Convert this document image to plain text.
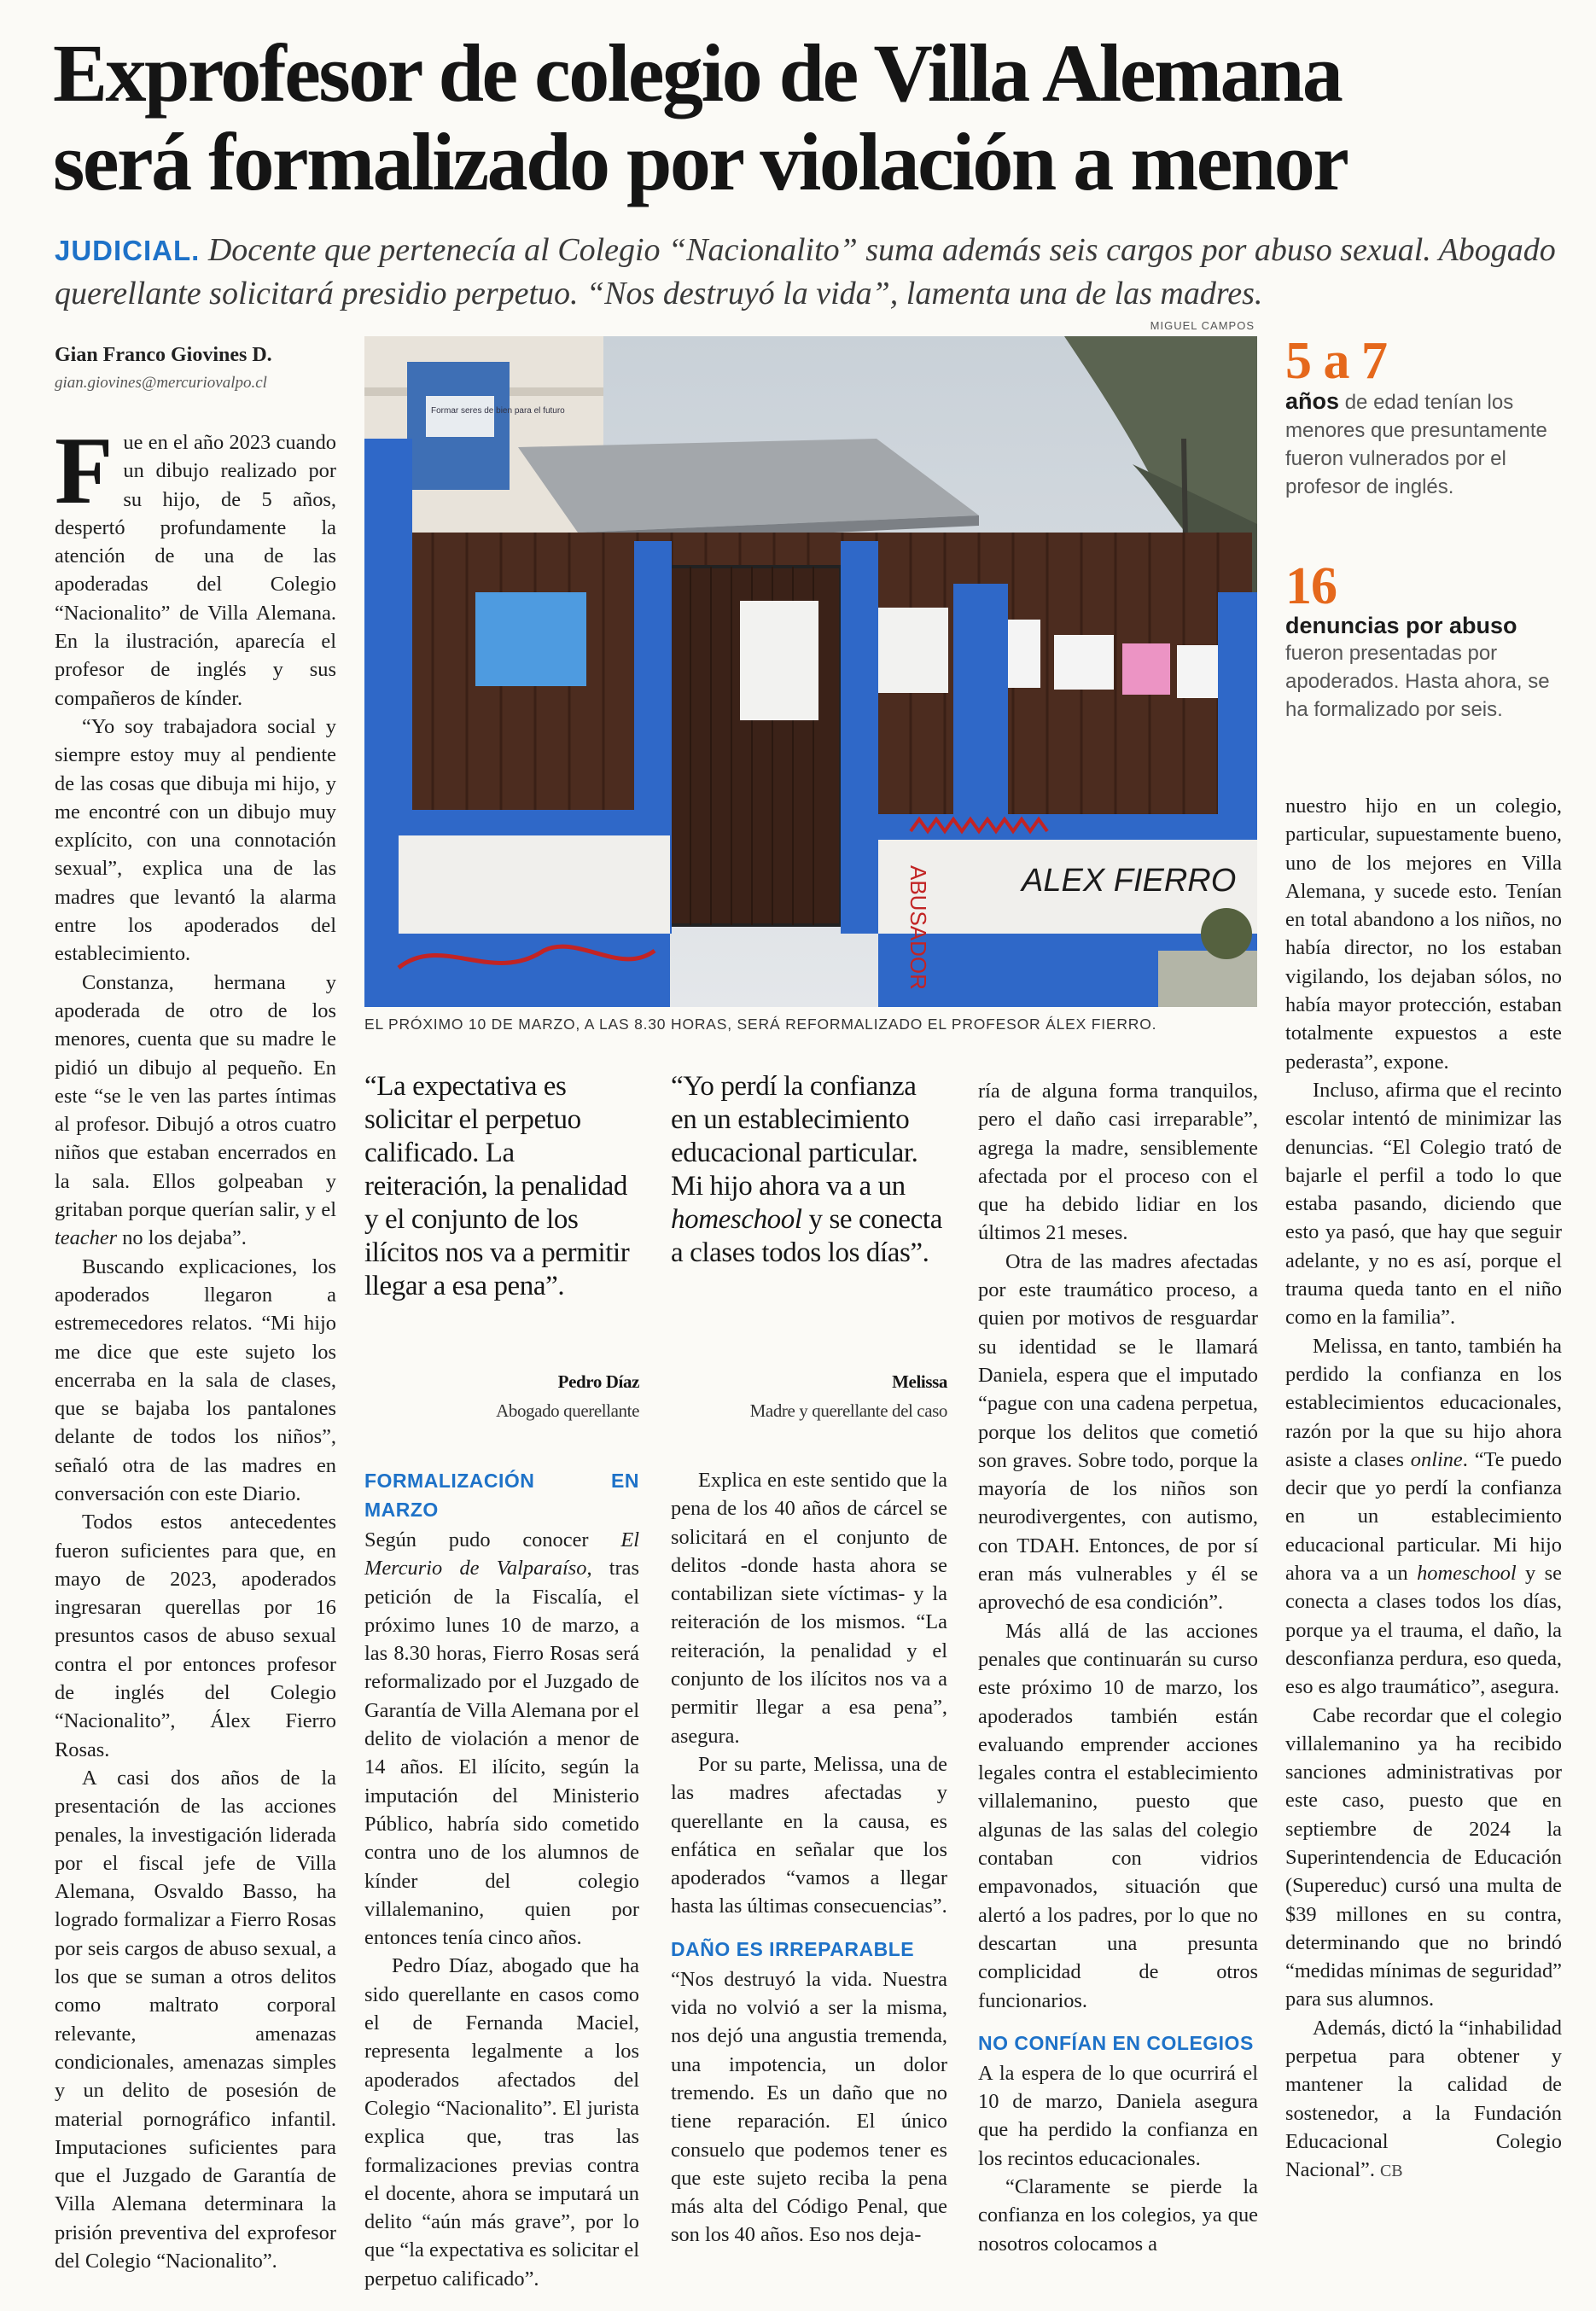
Exprofesor de colegio de Villa Alemana
será formalizado por violación a menor
JUDICIAL. Docente que pertenecía al Colegio “Nacionalito” suma además seis cargos por abuso sexual. Abogado querellante solicitará presidio perpetuo. “Nos destruyó la vida”, lamenta una de las madres.
Gian Franco Giovines D.
gian.giovines@mercuriovalpo.cl

Fue en el año 2023 cuando un dibujo realizado por su hijo, de 5 años, despertó profundamente la atención de una de las apoderadas del Colegio “Nacionalito” de Villa Alemana. En la ilustración, aparecía el profesor de inglés y sus compañeros de kínder.

“Yo soy trabajadora social y siempre estoy muy al pendiente de las cosas que dibuja mi hijo, y me encontré con un dibujo muy explícito, con una connotación sexual”, explica una de las madres que levantó la alarma entre los apoderados del establecimiento.

Constanza, hermana y apoderada de otro de los menores, cuenta que su madre le pidió un dibujo al pequeño. En este “se le ven las partes íntimas al profesor. Dibujó a otros cuatro niños que estaban encerrados en la sala. Ellos golpeaban y gritaban porque querían salir, y el teacher no los dejaba”.

Buscando explicaciones, los apoderados llegaron a estremecedores relatos. “Mi hijo me dice que este sujeto los encerraba en la sala de clases, que se bajaba los pantalones delante de todos los niños”, señaló otra de las madres en conversación con este Diario.

Todos estos antecedentes fueron suficientes para que, en mayo de 2023, apoderados ingresaran querellas por 16 presuntos casos de abuso sexual contra el por entonces profesor de inglés del Colegio “Nacionalito”, Álex Fierro Rosas.

A casi dos años de la presentación de las acciones penales, la investigación liderada por el fiscal jefe de Villa Alemana, Osvaldo Basso, ha logrado formalizar a Fierro Rosas por seis cargos de abuso sexual, a los que se suman a otros delitos como maltrato corporal relevante, amenazas condicionales, amenazas simples y un delito de posesión de material pornográfico infantil. Imputaciones suficientes para que el Juzgado de Garantía de Villa Alemana determinara la prisión preventiva del exprofesor del Colegio “Nacionalito”.

MIGUEL CAMPOS
Formar seres de bien para el futuro
ALEX FIERRO
ABUSADOR
EL PRÓXIMO 10 DE MARZO, A LAS 8.30 HORAS, SERÁ REFORMALIZADO EL PROFESOR ÁLEX FIERRO.
5 a 7
años de edad tenían los menores que presuntamente fueron vulnerados por el profesor de inglés.
16
denuncias por abuso
fueron presentadas por apoderados. Hasta ahora, se ha formalizado por seis.
“La expectativa es solicitar el perpetuo calificado. La reiteración, la penalidad y el conjunto de los ilícitos nos va a permitir llegar a esa pena”.
Pedro Díaz
Abogado querellante
“Yo perdí la confianza en un establecimiento educacional particular. Mi hijo ahora va a un homeschool y se conecta a clases todos los días”.
Melissa
Madre y querellante del caso
FORMALIZACIÓN EN MARZO

Según pudo conocer El Mercurio de Valparaíso, tras petición de la Fiscalía, el próximo lunes 10 de marzo, a las 8.30 horas, Fierro Rosas será reformalizado por el Juzgado de Garantía de Villa Alemana por el delito de violación a menor de 14 años. El ilícito, según la imputación del Ministerio Público, habría sido cometido contra uno de los alumnos de kínder del colegio villalemanino, quien por entonces tenía cinco años.

Pedro Díaz, abogado que ha sido querellante en casos como el de Fernanda Maciel, representa legalmente a los apoderados afectados del Colegio “Nacionalito”. El jurista explica que, tras las formalizaciones previas contra el docente, ahora se imputará un delito “aún más grave”, por lo que “la expectativa es solicitar el perpetuo calificado”.

Explica en este sentido que la pena de los 40 años de cárcel se solicitará en el conjunto de delitos -donde hasta ahora se contabilizan siete víctimas- y la reiteración de los mismos. “La reiteración, la penalidad y el conjunto de los ilícitos nos va a permitir llegar a esa pena”, asegura.

Por su parte, Melissa, una de las madres afectadas y querellante en la causa, es enfática en señalar que los apoderados “vamos a llegar hasta las últimas consecuencias”.

DAÑO ES IRREPARABLE

“Nos destruyó la vida. Nuestra vida no volvió a ser la misma, nos dejó una angustia tremenda, una impotencia, un dolor tremendo. Es un daño que no tiene reparación. El único consuelo que podemos tener es que este sujeto reciba la pena más alta del Código Penal, que son los 40 años. Eso nos deja-

ría de alguna forma tranquilos, pero el daño casi irreparable”, agrega la madre, sensiblemente afectada por el proceso con el que ha debido lidiar en los últimos 21 meses.

Otra de las madres afectadas por este traumático proceso, a quien por motivos de resguardar su identidad se le llamará Daniela, espera que el imputado “pague con una cadena perpetua, porque los delitos que cometió son graves. Sobre todo, porque la mayoría de los niños son neurodivergentes, con autismo, con TDAH. Entonces, de por sí eran más vulnerables y él se aprovechó de esa condición”.

Más allá de las acciones penales que continuarán su curso este próximo 10 de marzo, los apoderados también están evaluando emprender acciones legales contra el establecimiento villalemanino, puesto que algunas de las salas del colegio contaban con vidrios empavonados, situación que alertó a los padres, por lo que no descartan una presunta complicidad de otros funcionarios.

NO CONFÍAN EN COLEGIOS

A la espera de lo que ocurrirá el 10 de marzo, Daniela asegura que ha perdido la confianza en los recintos educacionales.

“Claramente se pierde la confianza en los colegios, ya que nosotros colocamos a

nuestro hijo en un colegio, particular, supuestamente bueno, uno de los mejores en Villa Alemana, y sucede esto. Tenían en total abandono a los niños, no había director, no los estaban vigilando, los dejaban sólos, no había mayor protección, estaban totalmente expuestos a este pederasta”, expone.

Incluso, afirma que el recinto escolar intentó de minimizar las denuncias. “El Colegio trató de bajarle el perfil a todo lo que estaba pasando, diciendo que esto ya pasó, que hay que seguir adelante, y no es así, porque el trauma queda tanto en el niño como en la familia”.

Melissa, en tanto, también ha perdido la confianza en los establecimientos educacionales, razón por la que su hijo ahora asiste a clases online. “Te puedo decir que yo perdí la confianza en un establecimiento educacional particular. Mi hijo ahora va a un homeschool y se conecta a clases todos los días, porque ya el trauma, el daño, la desconfianza perdura, eso queda, eso es algo traumático”, asegura.

Cabe recordar que el colegio villalemanino ya ha recibido sanciones administrativas por este caso, puesto que en septiembre de 2024 la Superintendencia de Educación (Supereduc) cursó una multa de $39 millones en su contra, determinando que no brindó “medidas mínimas de seguridad” para sus alumnos.

Además, dictó la “inhabilidad perpetua para obtener y mantener la calidad de sostenedor, a la Fundación Educacional Colegio Nacional”. CB
